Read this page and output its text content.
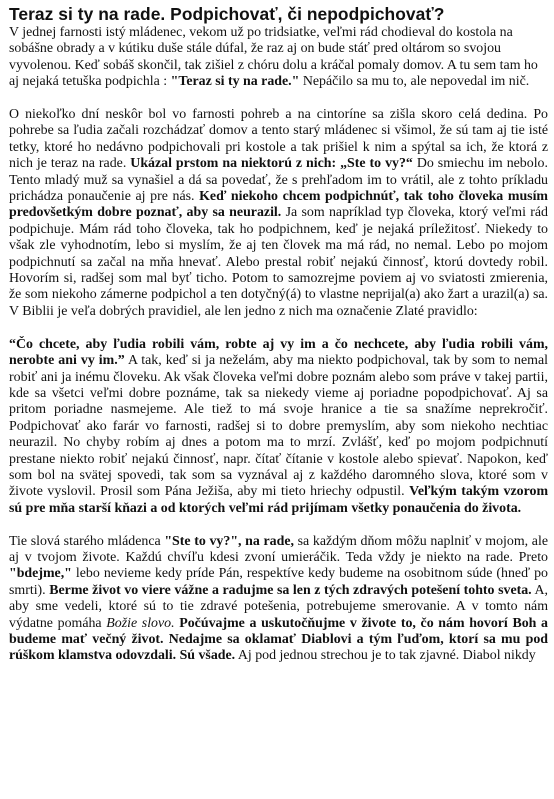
Teraz si ty na rade. Podpichovať, či nepodpichovať?

V jednej farnosti istý mládenec, vekom už po tridsiatke, veľmi rád chodieval do kostola na sobášne obrady a v kútiku duše stále dúfal, že raz aj on bude stáť pred oltárom so svojou vyvolenou. Keď sobáš skončil, tak zišiel z chóru dolu a kráčal pomaly domov. A tu sem tam ho aj nejaká tetuška podpichla : "Teraz si ty na rade." Nepáčilo sa mu to, ale nepovedal im nič.

O niekoľko dní neskôr bol vo farnosti pohreb a na cintoríne sa zišla skoro celá dedina. Po pohrebe sa ľudia začali rozchádzať domov a tento starý mládenec si všimol, že sú tam aj tie isté tetky, ktoré ho nedávno podpichovali pri kostole a tak prišiel k nim a spýtal sa ich, že ktorá z nich je teraz na rade. Ukázal prstom na niektorú z nich: „Ste to vy?“ Do smiechu im nebolo. Tento mladý muž sa vynašiel a dá sa povedať, že s prehľadom im to vrátil, ale z tohto príkladu prichádza ponaučenie aj pre nás. Keď niekoho chcem podpichnúť, tak toho človeka musím predovšetkým dobre poznať, aby sa neurazil. Ja som napríklad typ človeka, ktorý veľmi rád podpichuje. Mám rád toho človeka, tak ho podpichnem, keď je nejaká príležitosť. Niekedy to však zle vyhodnotím, lebo si myslím, že aj ten človek ma má rád, no nemal. Lebo po mojom podpichnutí sa začal na mňa hnevať. Alebo prestal robiť nejakú činnosť, ktorú dovtedy robil. Hovorím si, radšej som mal byť ticho. Potom to samozrejme poviem aj vo sviatosti zmierenia, že som niekoho zámerne podpichol a ten dotyčný(á) to vlastne neprijal(a) ako žart a urazil(a) sa. V Biblii je veľa dobrých pravidiel, ale len jedno z nich ma označenie Zlaté pravidlo:

“Čo chcete, aby ľudia robili vám, robte aj vy im a čo nechcete, aby ľudia robili vám, nerobte ani vy im.” A tak, keď si ja neželám, aby ma niekto podpichoval, tak by som to nemal robiť ani ja inému človeku. Ak však človeka veľmi dobre poznám alebo som práve v takej partii, kde sa všetci veľmi dobre poznáme, tak sa niekedy vieme aj poriadne popodpichovať. Aj sa pritom poriadne nasmejeme. Ale tiež to má svoje hranice a tie sa snažíme neprekročiť. Podpichovať ako farár vo farnosti, radšej si to dobre premyslím, aby som niekoho nechtiac neurazil. No chyby robím aj dnes a potom ma to mrzí. Zvlášť, keď po mojom podpichnutí prestane niekto robiť nejakú činnosť, napr. čítať čítanie v kostole alebo spievať. Napokon, keď som bol na svätej spovedi, tak som sa vyznával aj z každého daromného slova, ktoré som v živote vyslovil. Prosil som Pána Ježiša, aby mi tieto hriechy odpustil. Veľkým takým vzorom sú pre mňa starší kňazi a od ktorých veľmi rád prijímam všetky ponaučenia do života.

Tie slová starého mládenca "Ste to vy?", na rade, sa každým dňom môžu naplniť v mojom, ale aj v tvojom živote. Každú chvíľu kdesi zvoní umieráčik. Teda vždy je niekto na rade. Preto "bdejme," lebo nevieme kedy príde Pán, respektíve kedy budeme na osobitnom súde (hneď po smrti). Berme život vo viere vážne a radujme sa len z tých zdravých potešení tohto sveta. A, aby sme vedeli, ktoré sú to tie zdravé potešenia, potrebujeme smerovanie. A v tomto nám výdatne pomáha Božie slovo. Počúvajme a uskutočňujme v živote to, čo nám hovorí Boh a budeme mať večný život. Nedajme sa oklamať Diablovi a tým ľuďom, ktorí sa mu pod rúškom klamstva odovzdali. Sú všade. Aj pod jednou strechou je to tak zjavné. Diabol nikdy
